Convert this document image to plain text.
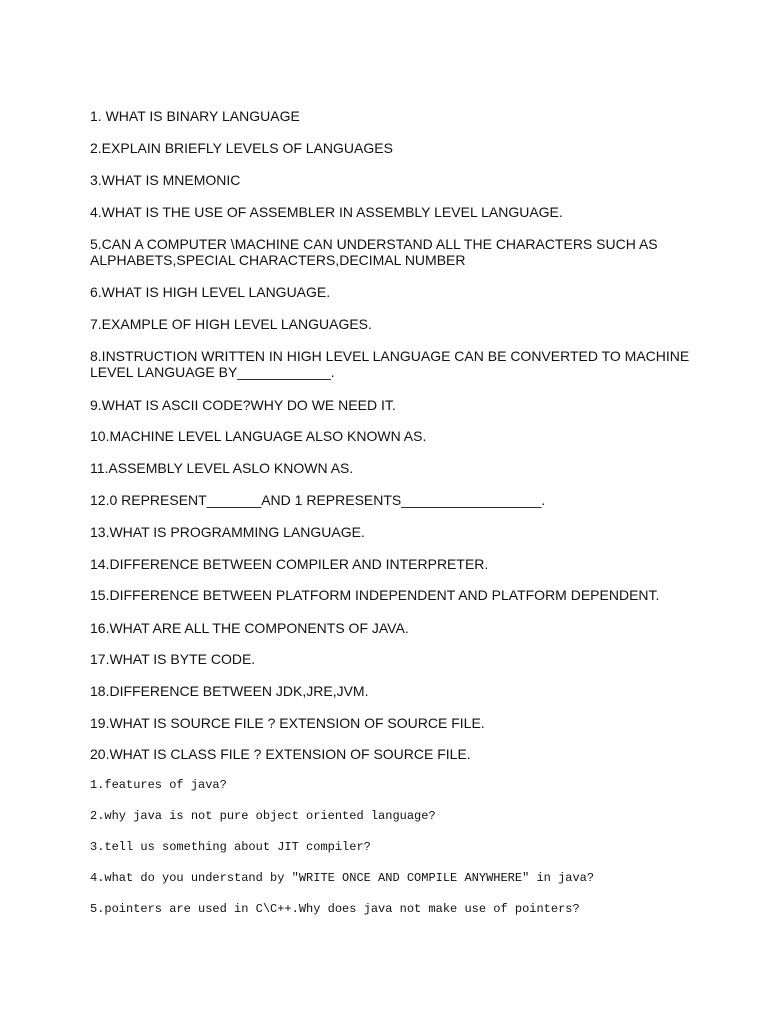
1. WHAT IS BINARY LANGUAGE

2.EXPLAIN BRIEFLY LEVELS OF LANGUAGES

3.WHAT IS MNEMONIC

4.WHAT IS THE USE OF ASSEMBLER IN ASSEMBLY LEVEL LANGUAGE.

5.CAN A COMPUTER \MACHINE CAN UNDERSTAND ALL THE CHARACTERS SUCH AS ALPHABETS,SPECIAL CHARACTERS,DECIMAL NUMBER

6.WHAT IS HIGH LEVEL LANGUAGE.

7.EXAMPLE OF HIGH LEVEL LANGUAGES.

8.INSTRUCTION WRITTEN IN HIGH LEVEL LANGUAGE CAN BE CONVERTED TO MACHINE LEVEL LANGUAGE BY____________.

9.WHAT IS ASCII CODE?WHY DO WE NEED IT.

10.MACHINE LEVEL LANGUAGE ALSO KNOWN AS.

11.ASSEMBLY LEVEL ASLO KNOWN AS.

12.0 REPRESENT_______AND 1 REPRESENTS__________________.

13.WHAT IS PROGRAMMING LANGUAGE.

14.DIFFERENCE BETWEEN COMPILER AND INTERPRETER.

15.DIFFERENCE BETWEEN PLATFORM INDEPENDENT AND PLATFORM DEPENDENT.

16.WHAT ARE ALL THE COMPONENTS OF JAVA.

17.WHAT IS BYTE CODE.

18.DIFFERENCE BETWEEN JDK,JRE,JVM.

19.WHAT IS SOURCE FILE ? EXTENSION OF SOURCE FILE.

20.WHAT IS CLASS FILE ? EXTENSION OF SOURCE FILE.

1.features of java?

2.why java is not pure object oriented language?

3.tell us something about JIT compiler?

4.what do you understand by "WRITE ONCE AND COMPILE ANYWHERE" in java?

5.pointers are used in C\C++.Why does java not make use of pointers?
